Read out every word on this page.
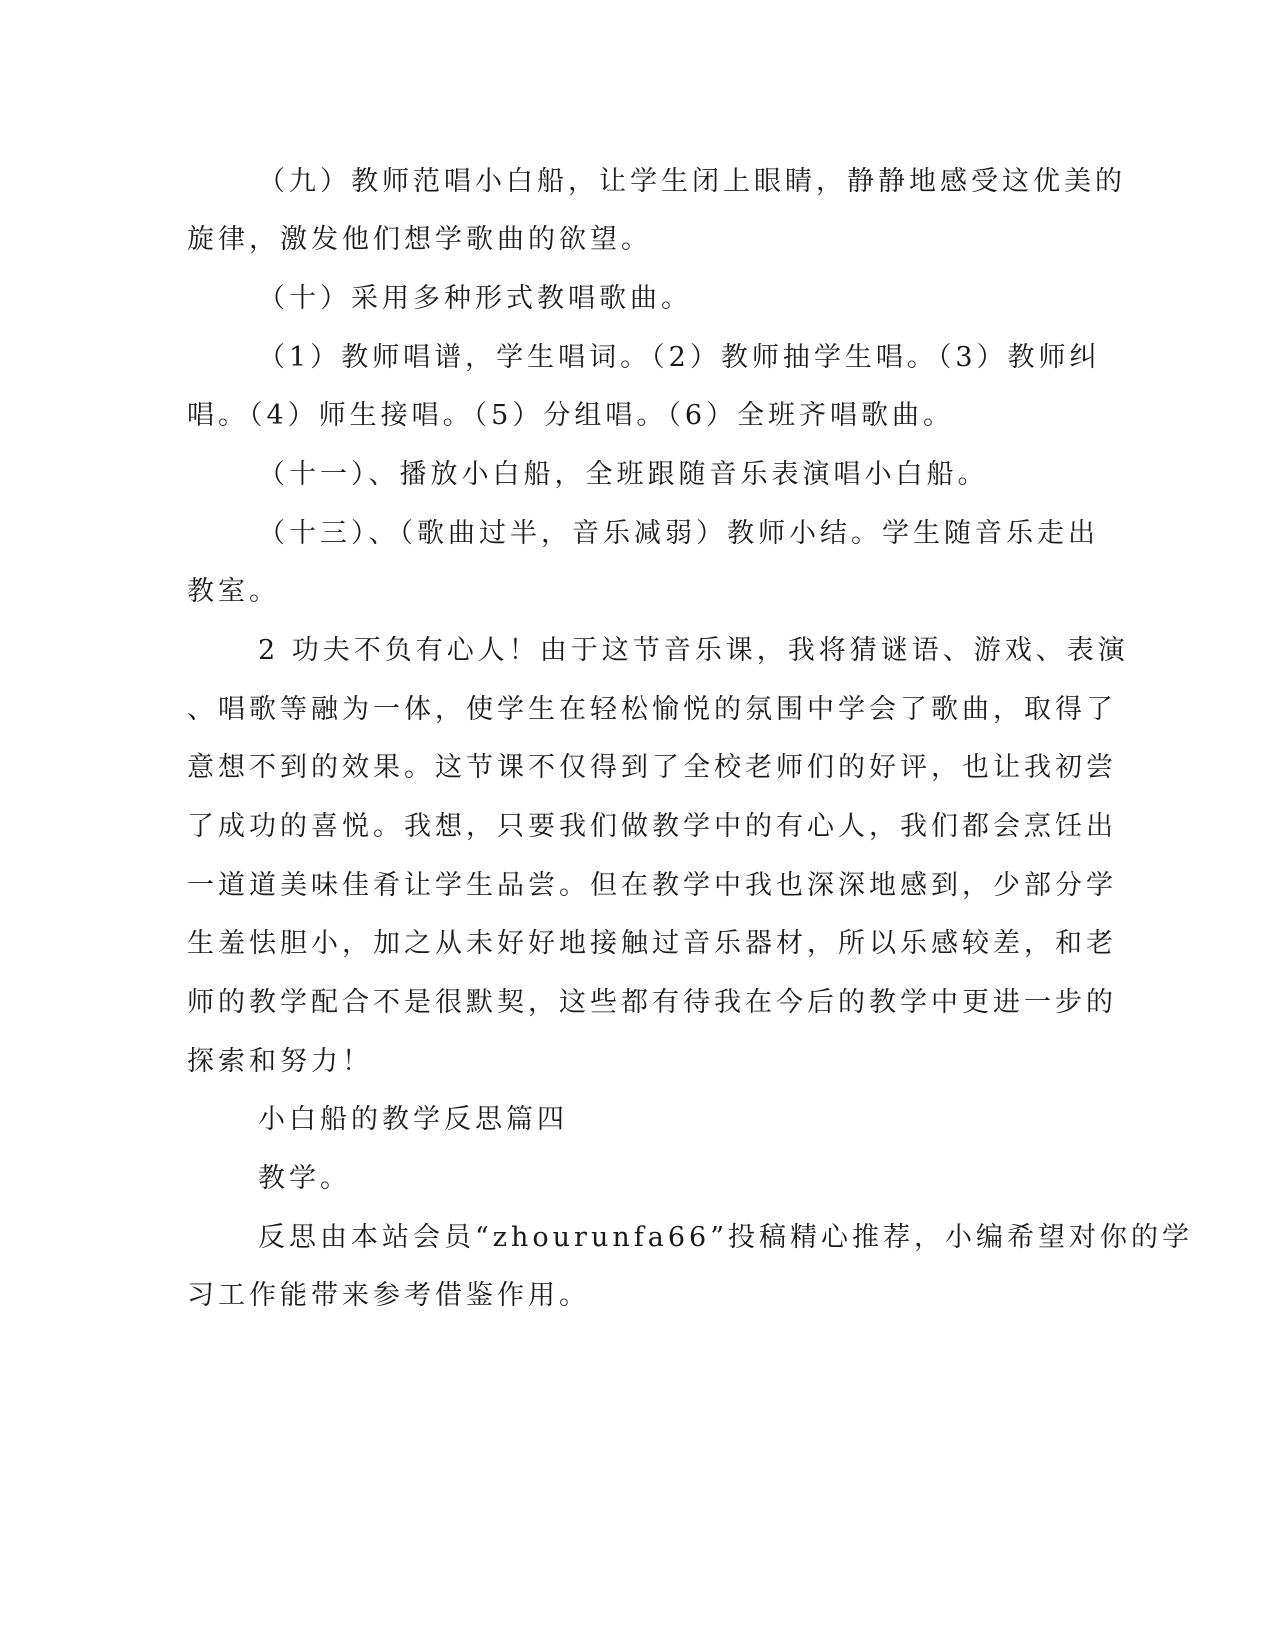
（九）教师范唱小白船，让学生闭上眼睛，静静地感受这优美的
旋律，激发他们想学歌曲的欲望。
（十）采用多种形式教唱歌曲。
（1）教师唱谱，学生唱词。（2）教师抽学生唱。（3）教师纠
唱。（4）师生接唱。（5）分组唱。（6）全班齐唱歌曲。
（十一）、播放小白船，全班跟随音乐表演唱小白船。
（十三）、（歌曲过半，音乐减弱）教师小结。学生随音乐走出
教室。
2 功夫不负有心人！由于这节音乐课，我将猜谜语、游戏、表演
、唱歌等融为一体，使学生在轻松愉悦的氛围中学会了歌曲，取得了
意想不到的效果。这节课不仅得到了全校老师们的好评，也让我初尝
了成功的喜悦。我想，只要我们做教学中的有心人，我们都会烹饪出
一道道美味佳肴让学生品尝。但在教学中我也深深地感到，少部分学
生羞怯胆小，加之从未好好地接触过音乐器材，所以乐感较差，和老
师的教学配合不是很默契，这些都有待我在今后的教学中更进一步的
探索和努力！
小白船的教学反思篇四
教学。
反思由本站会员“zhourunfa66”投稿精心推荐，小编希望对你的学
习工作能带来参考借鉴作用。
